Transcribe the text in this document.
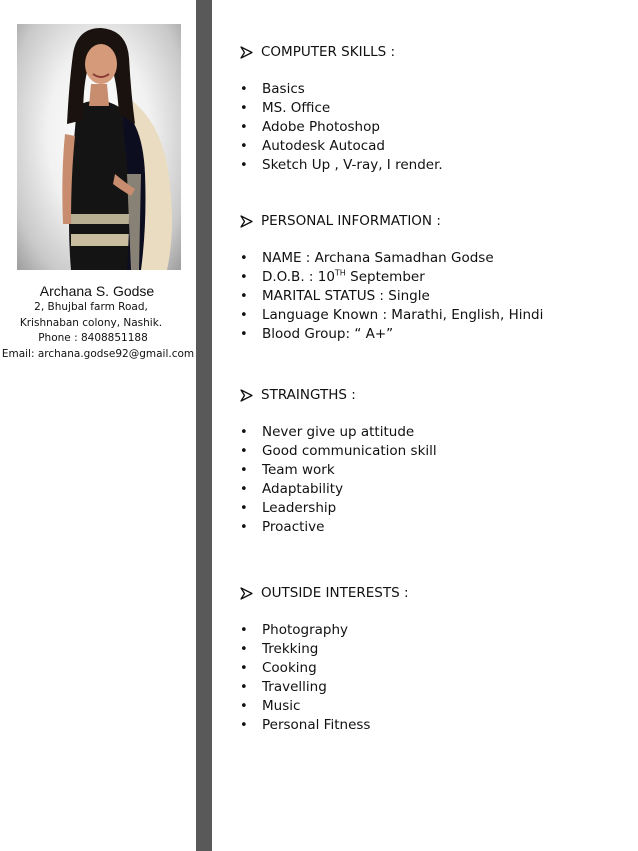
Archana S. Godse
2, Bhujbal farm Road,
Krishnaban colony, Nashik.
Phone : 8408851188
Email: archana.godse92@gmail.com
COMPUTER SKILLS :
•	Basics
•	MS. Office
•	Adobe Photoshop
•	Autodesk Autocad
•	Sketch Up , V-ray, I render.
PERSONAL INFORMATION :
•	NAME : Archana Samadhan Godse
•	D.O.B. : 10TH September
•	MARITAL STATUS : Single
•	Language Known : Marathi, English, Hindi
•	Blood Group: “ A+”
STRAINGTHS :
•	Never give up attitude
•	Good communication skill
•	Team work
•	Adaptability
•	Leadership
•	Proactive
OUTSIDE INTERESTS :
•	Photography
•	Trekking
•	Cooking
•	Travelling
•	Music
•	Personal Fitness
